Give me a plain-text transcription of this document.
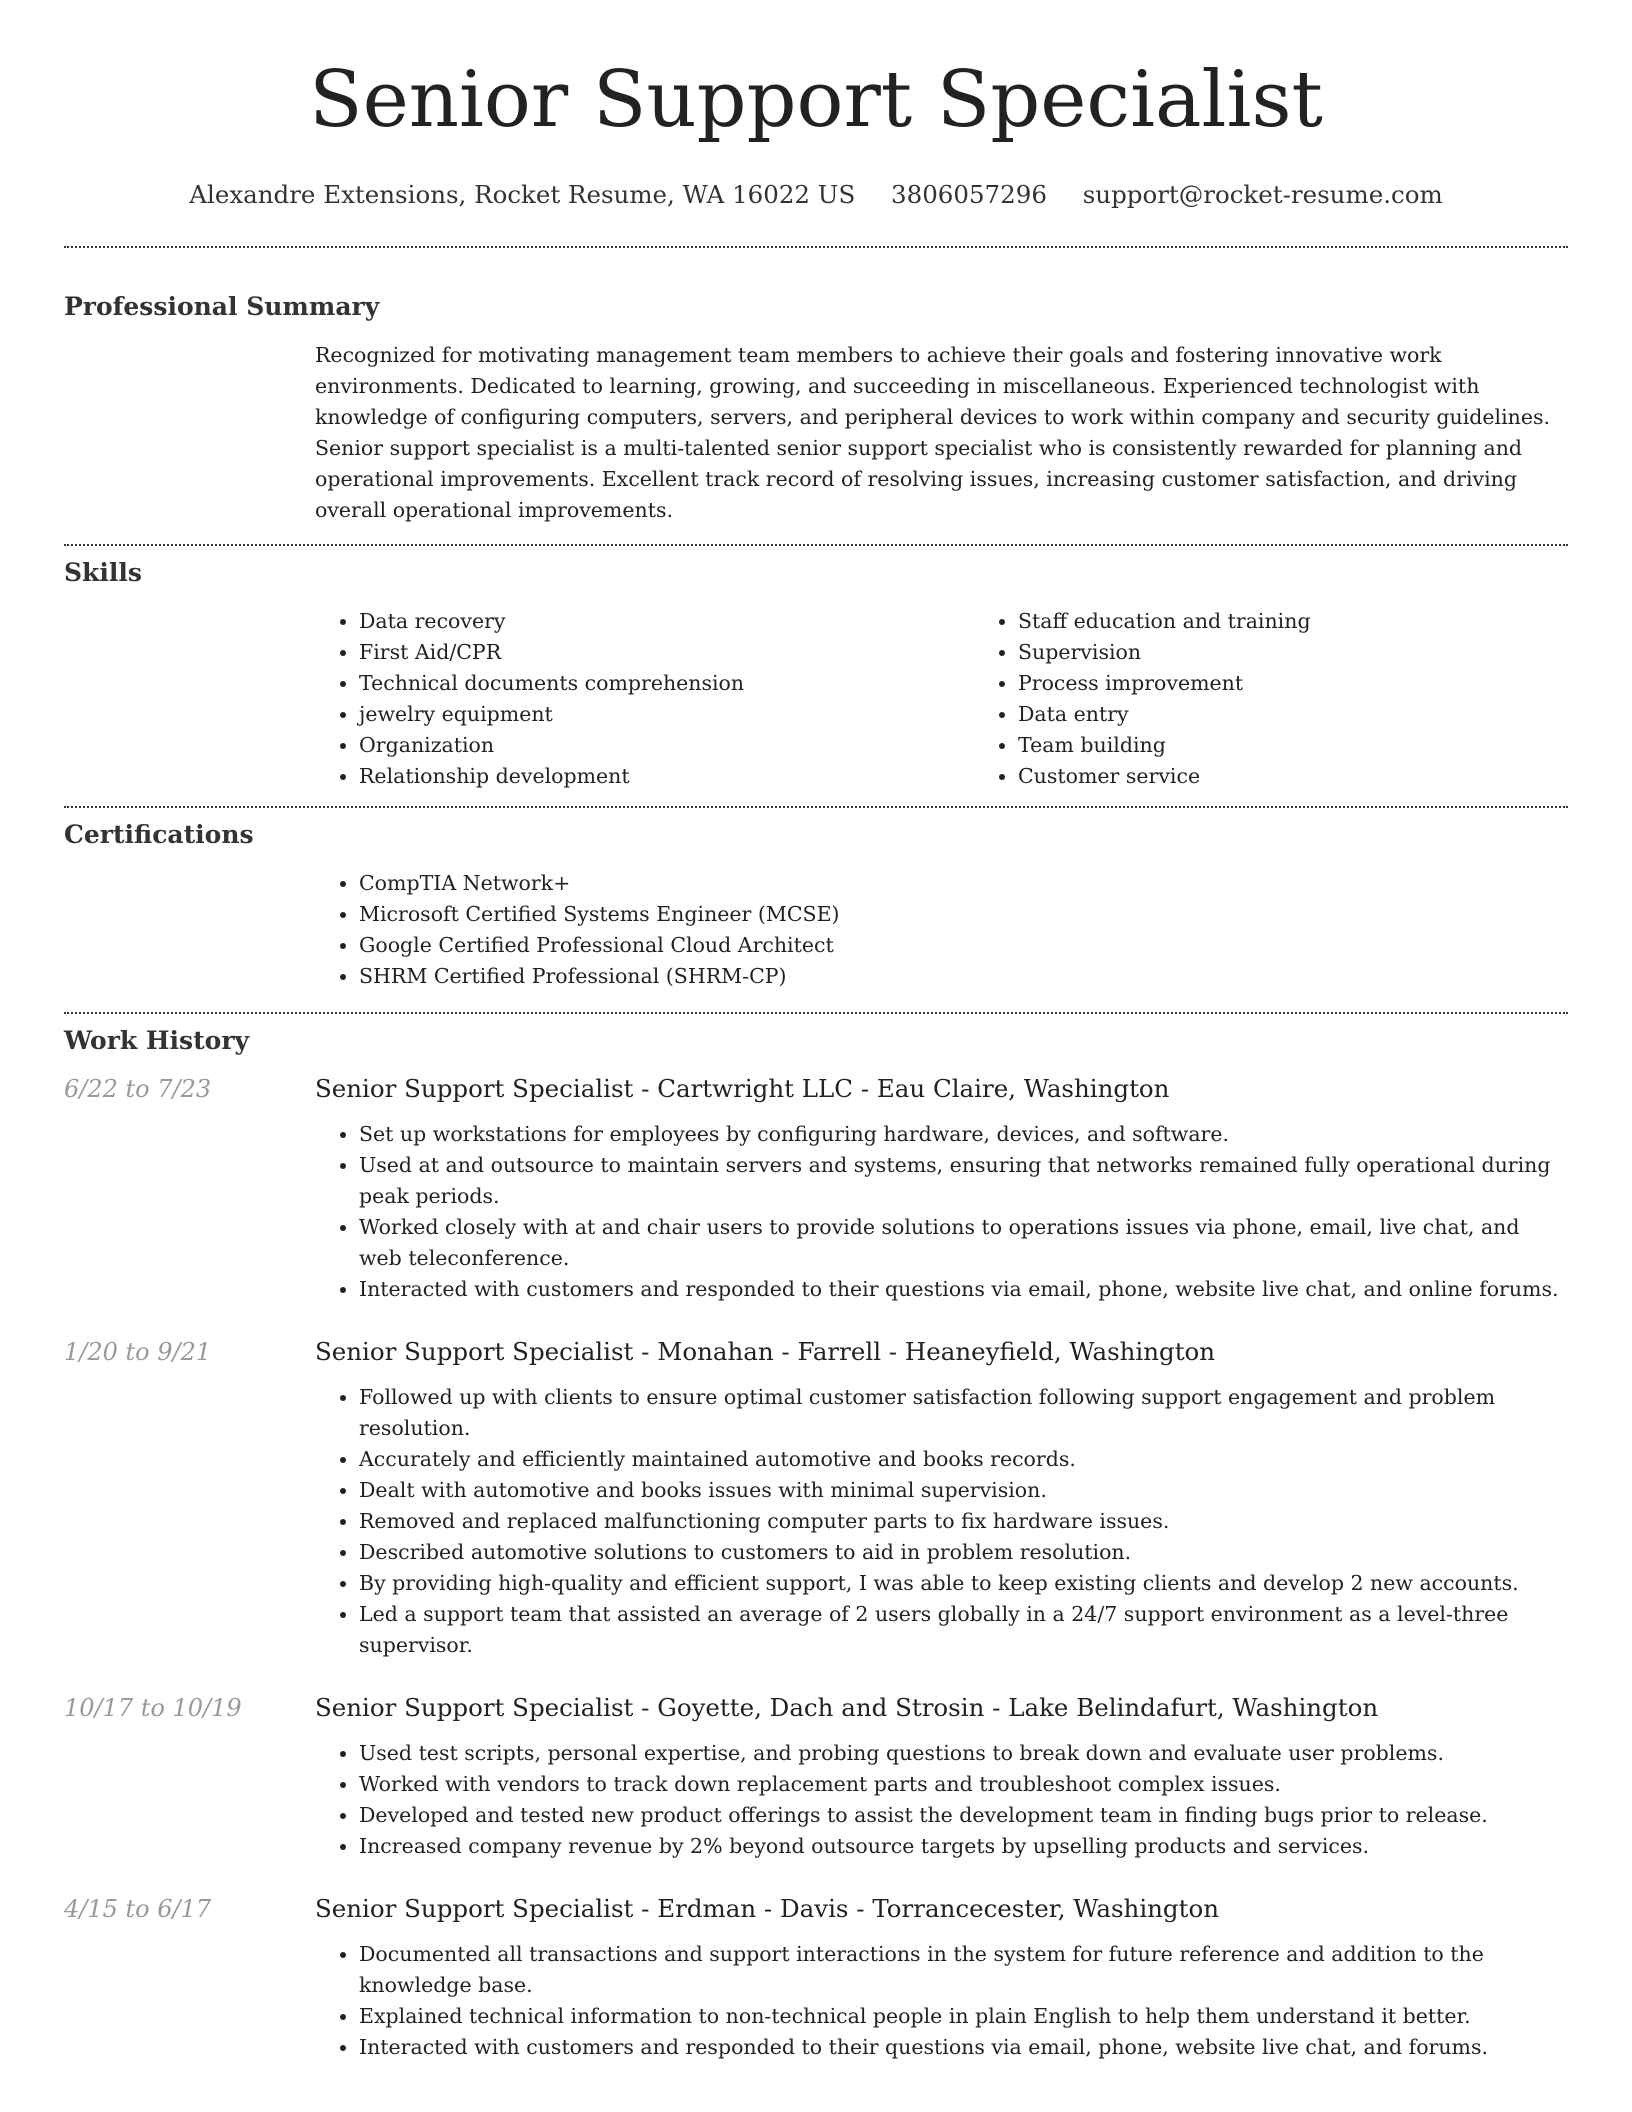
Senior Support Specialist
Alexandre Extensions, Rocket Resume, WA 16022 US 3806057296 support@rocket-resume.com
Professional Summary
Recognized for motivating management team members to achieve their goals and fostering innovative work environments. Dedicated to learning, growing, and succeeding in miscellaneous. Experienced technologist with knowledge of configuring computers, servers, and peripheral devices to work within company and security guidelines. Senior support specialist is a multi-talented senior support specialist who is consistently rewarded for planning and operational improvements. Excellent track record of resolving issues, increasing customer satisfaction, and driving overall operational improvements.
Skills
• Data recovery
• First Aid/CPR
• Technical documents comprehension
• jewelry equipment
• Organization
• Relationship development
• Staff education and training
• Supervision
• Process improvement
• Data entry
• Team building
• Customer service
Certifications
• CompTIA Network+
• Microsoft Certified Systems Engineer (MCSE)
• Google Certified Professional Cloud Architect
• SHRM Certified Professional (SHRM-CP)
Work History
6/22 to 7/23	Senior Support Specialist - Cartwright LLC - Eau Claire, Washington
• Set up workstations for employees by configuring hardware, devices, and software.
• Used at and outsource to maintain servers and systems, ensuring that networks remained fully operational during peak periods.
• Worked closely with at and chair users to provide solutions to operations issues via phone, email, live chat, and web teleconference.
• Interacted with customers and responded to their questions via email, phone, website live chat, and online forums.
1/20 to 9/21	Senior Support Specialist - Monahan - Farrell - Heaneyfield, Washington
• Followed up with clients to ensure optimal customer satisfaction following support engagement and problem resolution.
• Accurately and efficiently maintained automotive and books records.
• Dealt with automotive and books issues with minimal supervision.
• Removed and replaced malfunctioning computer parts to fix hardware issues.
• Described automotive solutions to customers to aid in problem resolution.
• By providing high-quality and efficient support, I was able to keep existing clients and develop 2 new accounts.
• Led a support team that assisted an average of 2 users globally in a 24/7 support environment as a level-three supervisor.
10/17 to 10/19	Senior Support Specialist - Goyette, Dach and Strosin - Lake Belindafurt, Washington
• Used test scripts, personal expertise, and probing questions to break down and evaluate user problems.
• Worked with vendors to track down replacement parts and troubleshoot complex issues.
• Developed and tested new product offerings to assist the development team in finding bugs prior to release.
• Increased company revenue by 2% beyond outsource targets by upselling products and services.
4/15 to 6/17	Senior Support Specialist - Erdman - Davis - Torrancecester, Washington
• Documented all transactions and support interactions in the system for future reference and addition to the knowledge base.
• Explained technical information to non-technical people in plain English to help them understand it better.
• Interacted with customers and responded to their questions via email, phone, website live chat, and forums.
